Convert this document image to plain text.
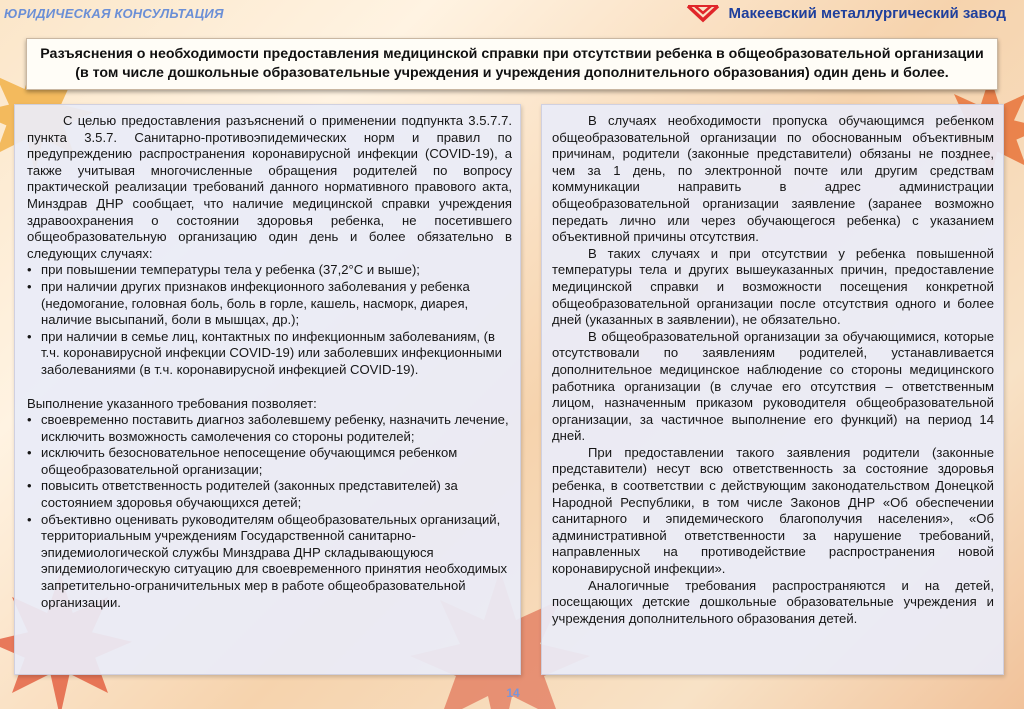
ЮРИДИЧЕСКАЯ КОНСУЛЬТАЦИЯ	Макеевский металлургический завод
Разъяснения о необходимости предоставления медицинской справки при отсутствии ребенка в общеобразовательной организации
(в том числе дошкольные образовательные учреждения и учреждения дополнительного образования) один день и более.

С целью предоставления разъяснений о применении подпункта 3.5.7.7. пункта 3.5.7. Санитарно-противоэпидемических норм и правил по предупреждению распространения коронавирусной инфекции (COVID-19), а также учитывая многочисленные обращения родителей по вопросу практической реализации требований данного нормативного правового акта, Минздрав ДНР сообщает, что наличие медицинской справки учреждения здравоохранения о состоянии здоровья ребенка, не посетившего общеобразовательную организацию один день и более обязательно в следующих случаях:

• при повышении температуры тела у ребенка (37,2°С и выше);
• при наличии других признаков инфекционного заболевания у ребенка (недомогание, головная боль, боль в горле, кашель, насморк, диарея, наличие высыпаний, боли в мышцах, др.);
• при наличии в семье лиц, контактных по инфекционным заболеваниям, (в т.ч. коронавирусной инфекции COVID-19) или заболевших инфекционными заболеваниями (в т.ч. коронавирусной инфекцией COVID-19).

Выполнение указанного требования позволяет:

• своевременно поставить диагноз заболевшему ребенку, назначить лечение, исключить возможность самолечения со стороны родителей;
• исключить безосновательное непосещение обучающимся ребенком общеобразовательной организации;
• повысить ответственность родителей (законных представителей) за состоянием здоровья обучающихся детей;
• объективно оценивать руководителям общеобразовательных организаций, территориальным учреждениям Государственной санитарно-эпидемиологической службы Минздрава ДНР складывающуюся эпидемиологическую ситуацию для своевременного принятия необходимых запретительно-ограничительных мер в работе общеобразовательной организации.

В случаях необходимости пропуска обучающимся ребенком общеобразовательной организации по обоснованным объективным причинам, родители (законные представители) обязаны не позднее, чем за 1 день, по электронной почте или другим средствам коммуникации направить в адрес администрации общеобразовательной организации заявление (заранее возможно передать лично или через обучающегося ребенка) с указанием объективной причины отсутствия.

В таких случаях и при отсутствии у ребенка повышенной температуры тела и других вышеуказанных причин, предоставление медицинской справки и возможности посещения конкретной общеобразовательной организации после отсутствия одного и более дней (указанных в заявлении), не обязательно.

В общеобразовательной организации за обучающимися, которые отсутствовали по заявлениям родителей, устанавливается дополнительное медицинское наблюдение со стороны медицинского работника организации (в случае его отсутствия – ответственным лицом, назначенным приказом руководителя общеобразовательной организации, за частичное выполнение его функций) на период 14 дней.

При предоставлении такого заявления родители (законные представители) несут всю ответственность за состояние здоровья ребенка, в соответствии с действующим законодательством Донецкой Народной Республики, в том числе Законов ДНР «Об обеспечении санитарного и эпидемического благополучия населения», «Об административной ответственности за нарушение требований, направленных на противодействие распространения новой коронавирусной инфекции».

Аналогичные требования распространяются и на детей, посещающих детские дошкольные образовательные учреждения и учреждения дополнительного образования детей.

14
